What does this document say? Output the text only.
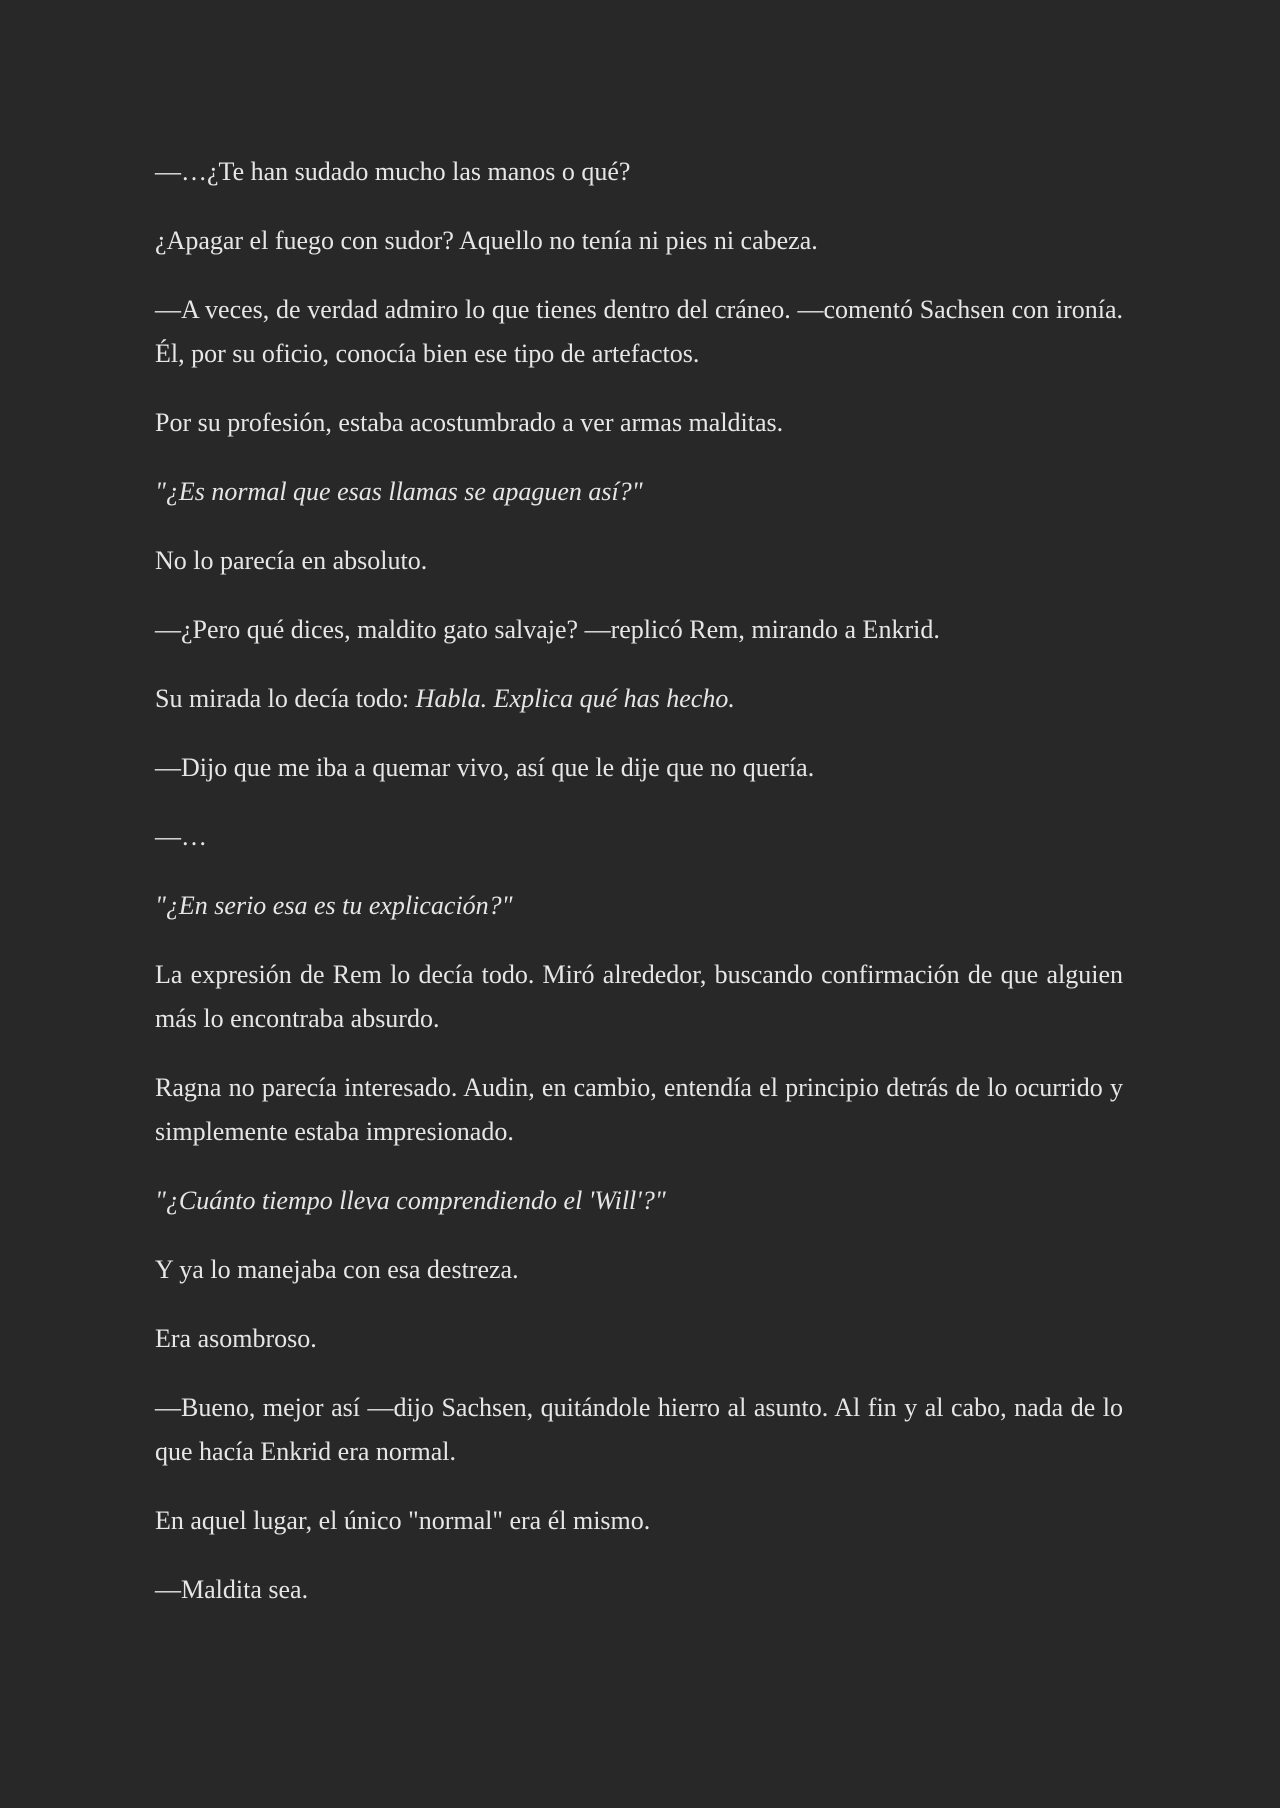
—…¿Te han sudado mucho las manos o qué?

¿Apagar el fuego con sudor? Aquello no tenía ni pies ni cabeza.

—A veces, de verdad admiro lo que tienes dentro del cráneo. —comentó Sachsen con ironía. Él, por su oficio, conocía bien ese tipo de artefactos.

Por su profesión, estaba acostumbrado a ver armas malditas.

"¿Es normal que esas llamas se apaguen así?"

No lo parecía en absoluto.

—¿Pero qué dices, maldito gato salvaje? —replicó Rem, mirando a Enkrid.

Su mirada lo decía todo: Habla. Explica qué has hecho.

—Dijo que me iba a quemar vivo, así que le dije que no quería.

—…

"¿En serio esa es tu explicación?"

La expresión de Rem lo decía todo. Miró alrededor, buscando confirmación de que alguien más lo encontraba absurdo.

Ragna no parecía interesado. Audin, en cambio, entendía el principio detrás de lo ocurrido y simplemente estaba impresionado.

"¿Cuánto tiempo lleva comprendiendo el 'Will'?"

Y ya lo manejaba con esa destreza.

Era asombroso.

—Bueno, mejor así —dijo Sachsen, quitándole hierro al asunto. Al fin y al cabo, nada de lo que hacía Enkrid era normal.

En aquel lugar, el único "normal" era él mismo.

—Maldita sea.
